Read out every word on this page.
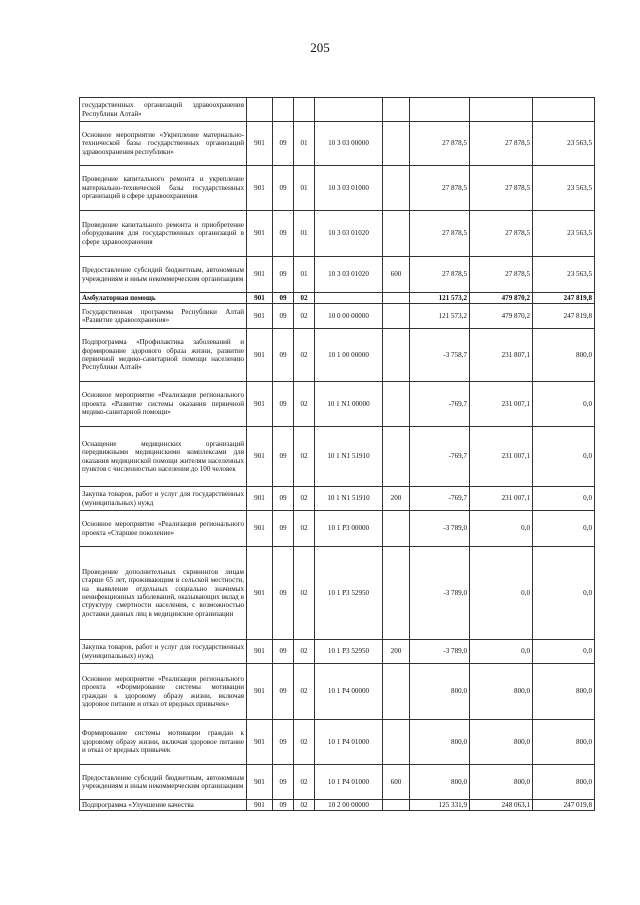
205
государственных организаций здравоохранения Республики Алтай»								
Основное мероприятие «Укрепление материально-технической базы государственных организаций здравоохранения республики»	901	09	01	10 3 03 00000		27 878,5	27 878,5	23 563,5
Проведение капитального ремонта и укрепление материально-технической базы государственных организаций в сфере здравоохранения	901	09	01	10 3 03 01000		27 878,5	27 878,5	23 563,5
Проведение капитального ремонта и приобретение оборудования для государственных организаций в сфере здравоохранения	901	09	01	10 3 03 01020		27 878,5	27 878,5	23 563,5
Предоставление субсидий бюджетным, автономным учреждениям и иным некоммерческим организациям	901	09	01	10 3 03 01020	600	27 878,5	27 878,5	23 563,5
Амбулаторная помощь	901	09	02			121 573,2	479 870,2	247 819,8
Государственная программа Республики Алтай «Развитие здравоохранения»	901	09	02	10 0 00 00000		121 573,2	479 870,2	247 819,8
Подпрограмма «Профилактика заболеваний и формирование здорового образа жизни, развитие первичной медико-санитарной помощи населению Республики Алтай»	901	09	02	10 1 00 00000		-3 758,7	231 807,1	800,0
Основное мероприятие «Реализация регионального проекта «Развитие системы оказания первичной медико-санитарной помощи»	901	09	02	10 1 N1 00000		-769,7	231 007,1	0,0
Оснащение медицинских организаций передвижными медицинскими комплексами для оказания медицинской помощи жителям населенных пунктов с численностью населения до 100 человек	901	09	02	10 1 N1 51910		-769,7	231 007,1	0,0
Закупка товаров, работ и услуг для государственных (муниципальных) нужд	901	09	02	10 1 N1 51910	200	-769,7	231 007,1	0,0
Основное мероприятие «Реализация регионального проекта «Старшее поколение»	901	09	02	10 1 P3 00000		-3 789,0	0,0	0,0
Проведение дополнительных скринингов лицам старше 65 лет, проживающим в сельской местности, на выявление отдельных социально значимых неинфекционных заболеваний, оказывающих вклад в структуру смертности населения, с возможностью доставки данных лиц в медицинские организации	901	09	02	10 1 P3 52950		-3 789,0	0,0	0,0
Закупка товаров, работ и услуг для государственных (муниципальных) нужд	901	09	02	10 1 P3 52950	200	-3 789,0	0,0	0,0
Основное мероприятие «Реализация регионального проекта «Формирование системы мотивации граждан к здоровому образу жизни, включая здоровое питание и отказ от вредных привычек»	901	09	02	10 1 P4 00000		800,0	800,0	800,0
Формирование системы мотивации граждан к здоровому образу жизни, включая здоровое питание и отказ от вредных привычек	901	09	02	10 1 P4 01000		800,0	800,0	800,0
Предоставление субсидий бюджетным, автономным учреждениям и иным некоммерческим организациям	901	09	02	10 1 P4 01000	600	800,0	800,0	800,0
Подпрограмма «Улучшение качества	901	09	02	10 2 00 00000		125 331,9	248 063,1	247 019,8
